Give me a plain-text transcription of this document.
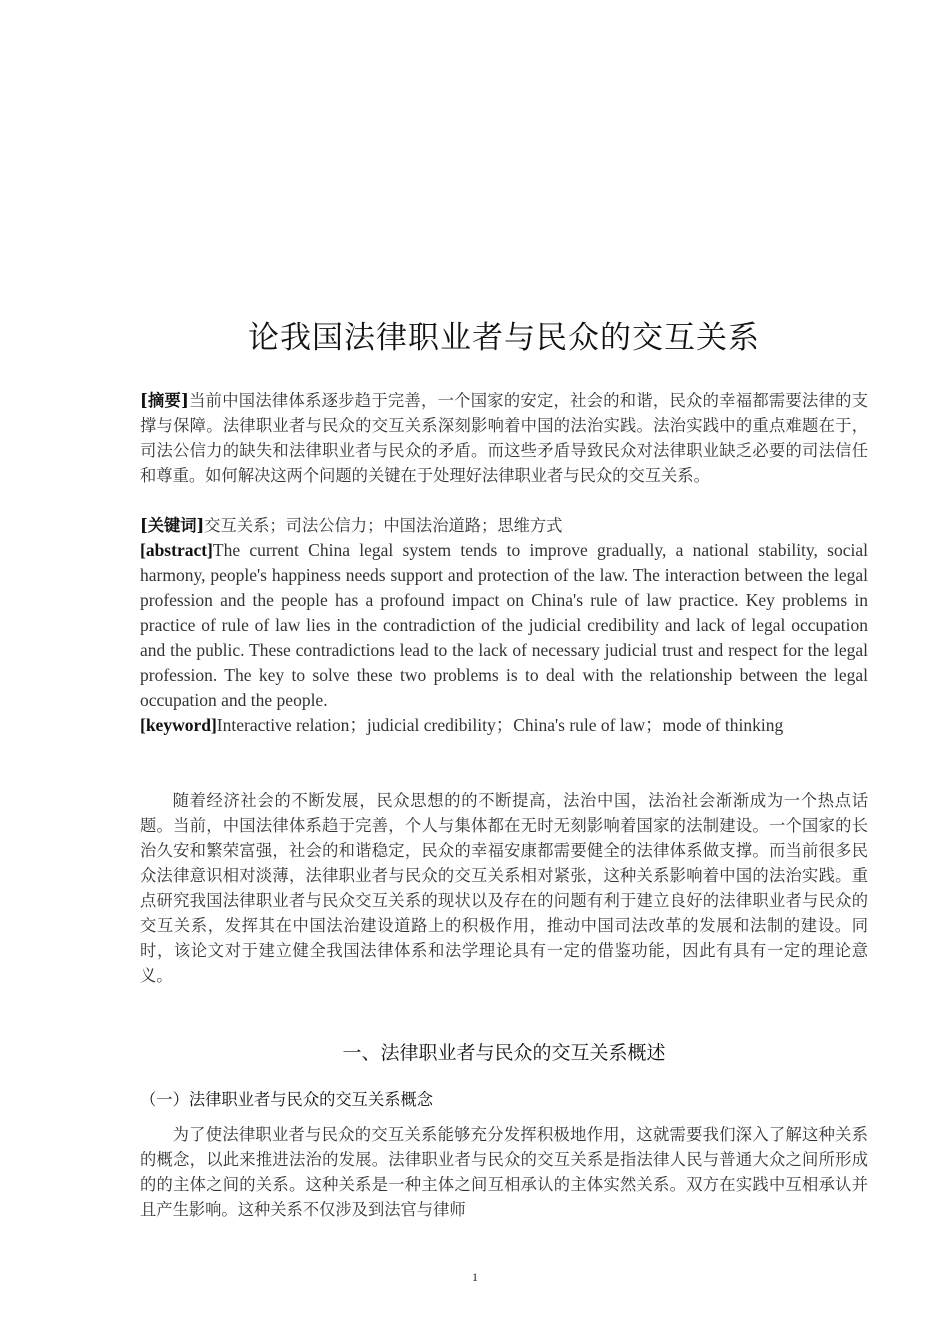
论我国法律职业者与民众的交互关系
[摘要]当前中国法律体系逐步趋于完善，一个国家的安定，社会的和谐，民众的幸福都需要法律的支撑与保障。法律职业者与民众的交互关系深刻影响着中国的法治实践。法治实践中的重点难题在于，司法公信力的缺失和法律职业者与民众的矛盾。而这些矛盾导致民众对法律职业缺乏必要的司法信任和尊重。如何解决这两个问题的关键在于处理好法律职业者与民众的交互关系。
[关键词]交互关系；司法公信力；中国法治道路；思维方式
[abstract]The current China legal system tends to improve gradually, a national stability, social harmony, people's happiness needs support and protection of the law. The interaction between the legal profession and the people has a profound impact on China's rule of law practice. Key problems in practice of rule of law lies in the contradiction of the judicial credibility and lack of legal occupation and the public. These contradictions lead to the lack of necessary judicial trust and respect for the legal profession. The key to solve these two problems is to deal with the relationship between the legal occupation and the people.
[keyword]Interactive relation；judicial credibility；China's rule of law；mode of thinking
随着经济社会的不断发展，民众思想的的不断提高，法治中国，法治社会渐渐成为一个热点话题。当前，中国法律体系趋于完善，个人与集体都在无时无刻影响着国家的法制建设。一个国家的长治久安和繁荣富强，社会的和谐稳定，民众的幸福安康都需要健全的法律体系做支撑。而当前很多民众法律意识相对淡薄，法律职业者与民众的交互关系相对紧张，这种关系影响着中国的法治实践。重点研究我国法律职业者与民众交互关系的现状以及存在的问题有利于建立良好的法律职业者与民众的交互关系，发挥其在中国法治建设道路上的积极作用，推动中国司法改革的发展和法制的建设。同时，该论文对于建立健全我国法律体系和法学理论具有一定的借鉴功能，因此有具有一定的理论意义。
一、法律职业者与民众的交互关系概述
（一）法律职业者与民众的交互关系概念
为了使法律职业者与民众的交互关系能够充分发挥积极地作用，这就需要我们深入了解这种关系的概念，以此来推进法治的发展。法律职业者与民众的交互关系是指法律人民与普通大众之间所形成的的主体之间的关系。这种关系是一种主体之间互相承认的主体实然关系。双方在实践中互相承认并且产生影响。这种关系不仅涉及到法官与律师
1
